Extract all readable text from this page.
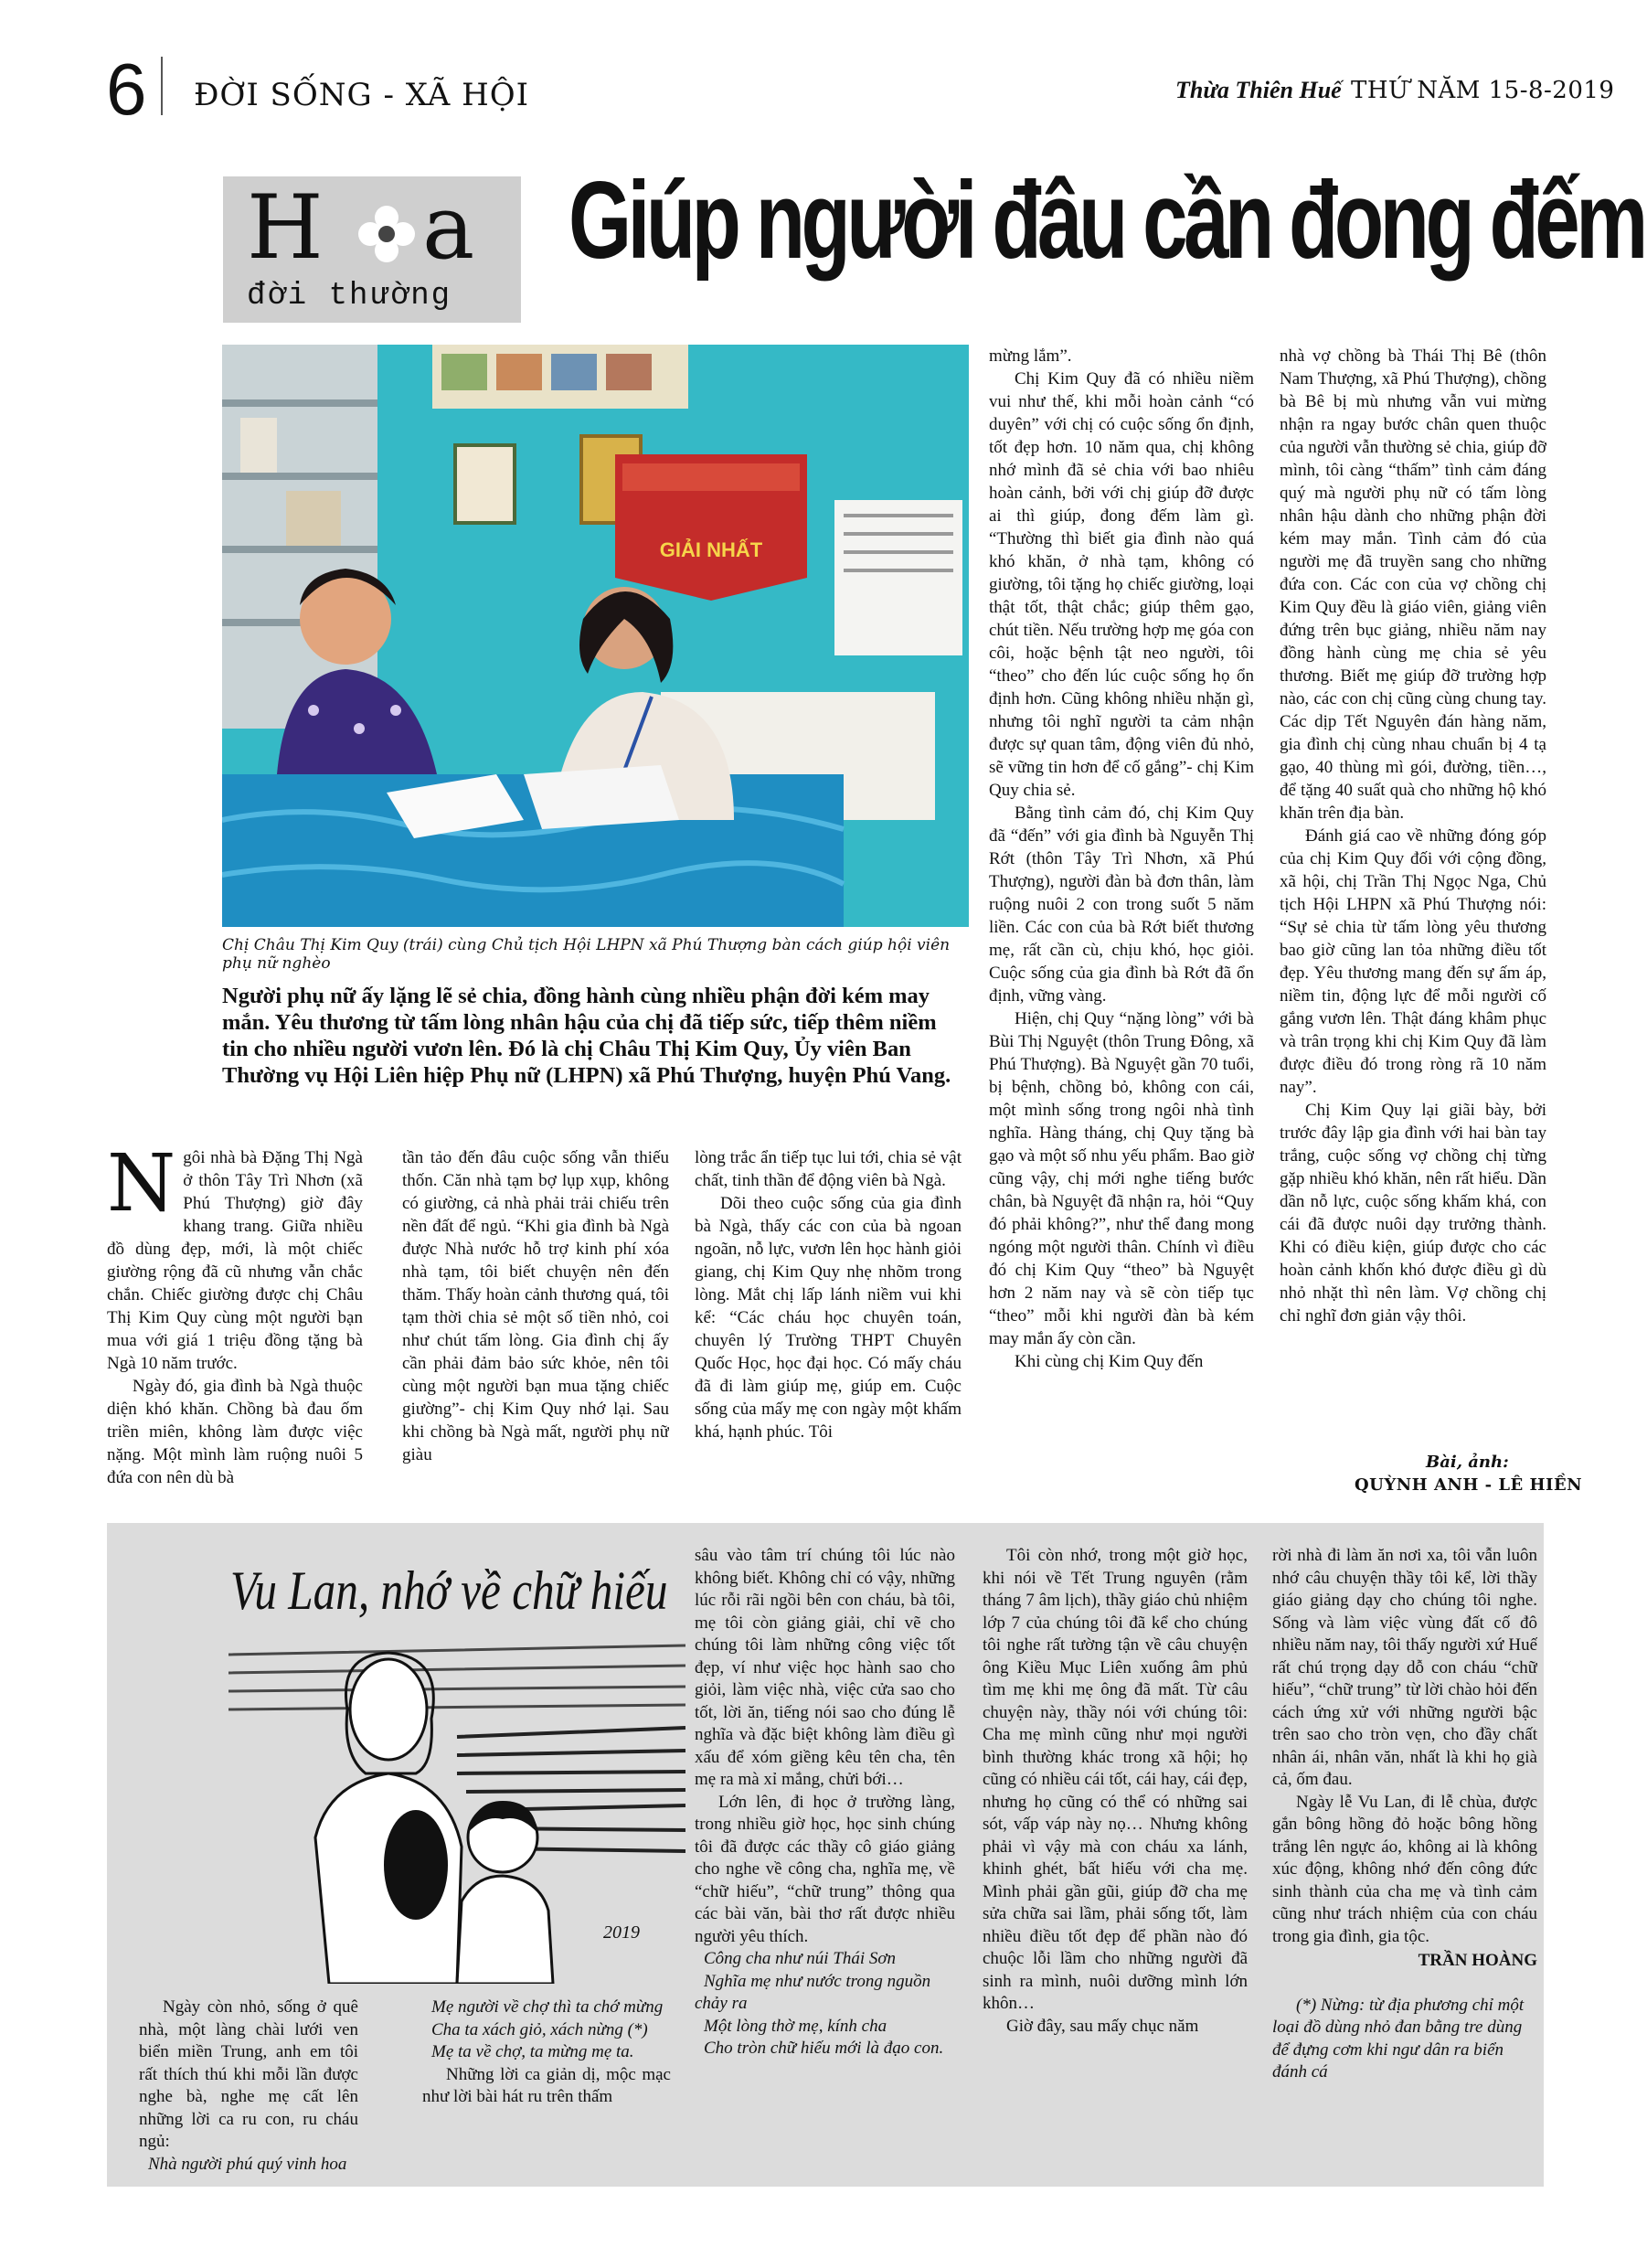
6 ĐỜI SỐNG - XÃ HỘI	Thừa Thiên Huế THỨ NĂM 15-8-2019
H a
đời thường
Giúp người đâu cần đong đếm
GIẢI NHẤT
Chị Châu Thị Kim Quy (trái) cùng Chủ tịch Hội LHPN xã Phú Thượng bàn cách giúp hội viên phụ nữ nghèo
Người phụ nữ ấy lặng lẽ sẻ chia, đồng hành cùng nhiều phận đời kém may mắn. Yêu thương từ tấm lòng nhân hậu của chị đã tiếp sức, tiếp thêm niềm tin cho nhiều người vươn lên. Đó là chị Châu Thị Kim Quy, Ủy viên Ban Thường vụ Hội Liên hiệp Phụ nữ (LHPN) xã Phú Thượng, huyện Phú Vang.
N gôi nhà bà Đặng Thị Ngà ở thôn Tây Trì Nhơn (xã Phú Thượng) giờ đây khang trang. Giữa nhiều đồ dùng đẹp, mới, là một chiếc giường rộng đã cũ nhưng vẫn chắc chắn. Chiếc giường được chị Châu Thị Kim Quy cùng một người bạn mua với giá 1 triệu đồng tặng bà Ngà 10 năm trước.

Ngày đó, gia đình bà Ngà thuộc diện khó khăn. Chồng bà đau ốm triền miên, không làm được việc nặng. Một mình làm ruộng nuôi 5 đứa con nên dù bà

tần tảo đến đâu cuộc sống vẫn thiếu thốn. Căn nhà tạm bợ lụp xụp, không có giường, cả nhà phải trải chiếu trên nền đất để ngủ. “Khi gia đình bà Ngà được Nhà nước hỗ trợ kinh phí xóa nhà tạm, tôi biết chuyện nên đến thăm. Thấy hoàn cảnh thương quá, tôi tạm thời chia sẻ một số tiền nhỏ, coi như chút tấm lòng. Gia đình chị ấy cần phải đảm bảo sức khỏe, nên tôi cùng một người bạn mua tặng chiếc giường”- chị Kim Quy nhớ lại. Sau khi chồng bà Ngà mất, người phụ nữ giàu

lòng trắc ẩn tiếp tục lui tới, chia sẻ vật chất, tinh thần để động viên bà Ngà.

Dõi theo cuộc sống của gia đình bà Ngà, thấy các con của bà ngoan ngoãn, nỗ lực, vươn lên học hành giỏi giang, chị Kim Quy nhẹ nhõm trong lòng. Mắt chị lấp lánh niềm vui khi kể: “Các cháu học chuyên toán, chuyên lý Trường THPT Chuyên Quốc Học, học đại học. Có mấy cháu đã đi làm giúp mẹ, giúp em. Cuộc sống của mấy mẹ con ngày một khấm khá, hạnh phúc. Tôi

mừng lắm”.

Chị Kim Quy đã có nhiều niềm vui như thế, khi mỗi hoàn cảnh “có duyên” với chị có cuộc sống ổn định, tốt đẹp hơn. 10 năm qua, chị không nhớ mình đã sẻ chia với bao nhiêu hoàn cảnh, bởi với chị giúp đỡ được ai thì giúp, đong đếm làm gì. “Thường thì biết gia đình nào quá khó khăn, ở nhà tạm, không có giường, tôi tặng họ chiếc giường, loại thật tốt, thật chắc; giúp thêm gạo, chút tiền. Nếu trường hợp mẹ góa con côi, hoặc bệnh tật neo người, tôi “theo” cho đến lúc cuộc sống họ ổn định hơn. Cũng không nhiều nhặn gì, nhưng tôi nghĩ người ta cảm nhận được sự quan tâm, động viên đủ nhỏ, sẽ vững tin hơn để cố gắng”- chị Kim Quy chia sẻ.

Bằng tình cảm đó, chị Kim Quy đã “đến” với gia đình bà Nguyễn Thị Rớt (thôn Tây Trì Nhơn, xã Phú Thượng), người đàn bà đơn thân, làm ruộng nuôi 2 con trong suốt 5 năm liền. Các con của bà Rớt biết thương mẹ, rất cần cù, chịu khó, học giỏi. Cuộc sống của gia đình bà Rớt đã ổn định, vững vàng.

Hiện, chị Quy “nặng lòng” với bà Bùi Thị Nguyệt (thôn Trung Đông, xã Phú Thượng). Bà Nguyệt gần 70 tuổi, bị bệnh, chồng bỏ, không con cái, một mình sống trong ngôi nhà tình nghĩa. Hàng tháng, chị Quy tặng bà gạo và một số nhu yếu phẩm. Bao giờ cũng vậy, chị mới nghe tiếng bước chân, bà Nguyệt đã nhận ra, hỏi “Quy đó phải không?”, như thể đang mong ngóng một người thân. Chính vì điều đó chị Kim Quy “theo” bà Nguyệt hơn 2 năm nay và sẽ còn tiếp tục “theo” mỗi khi người đàn bà kém may mắn ấy còn cần.

Khi cùng chị Kim Quy đến

nhà vợ chồng bà Thái Thị Bê (thôn Nam Thượng, xã Phú Thượng), chồng bà Bê bị mù nhưng vẫn vui mừng nhận ra ngay bước chân quen thuộc của người vẫn thường sẻ chia, giúp đỡ mình, tôi càng “thấm” tình cảm đáng quý mà người phụ nữ có tấm lòng nhân hậu dành cho những phận đời kém may mắn. Tình cảm đó của người mẹ đã truyền sang cho những đứa con. Các con của vợ chồng chị Kim Quy đều là giáo viên, giảng viên đứng trên bục giảng, nhiều năm nay đồng hành cùng mẹ chia sẻ yêu thương. Biết mẹ giúp đỡ trường hợp nào, các con chị cũng cùng chung tay. Các dịp Tết Nguyên đán hàng năm, gia đình chị cùng nhau chuẩn bị 4 tạ gạo, 40 thùng mì gói, đường, tiền…, để tặng 40 suất quà cho những hộ khó khăn trên địa bàn.

Đánh giá cao về những đóng góp của chị Kim Quy đối với cộng đồng, xã hội, chị Trần Thị Ngọc Nga, Chủ tịch Hội LHPN xã Phú Thượng nói: “Sự sẻ chia từ tấm lòng yêu thương bao giờ cũng lan tỏa những điều tốt đẹp. Yêu thương mang đến sự ấm áp, niềm tin, động lực để mỗi người cố gắng vươn lên. Thật đáng khâm phục và trân trọng khi chị Kim Quy đã làm được điều đó trong ròng rã 10 năm nay”.

Chị Kim Quy lại giãi bày, bởi trước đây lập gia đình với hai bàn tay trắng, cuộc sống vợ chồng chị từng gặp nhiều khó khăn, nên rất hiểu. Dần dần nỗ lực, cuộc sống khấm khá, con cái đã được nuôi dạy trưởng thành. Khi có điều kiện, giúp được cho các hoàn cảnh khốn khó được điều gì dù nhỏ nhặt thì nên làm. Vợ chồng chị chỉ nghĩ đơn giản vậy thôi.

Bài, ảnh:
QUỲNH ANH - LÊ HIỀN
Vu Lan, nhớ về chữ hiếu
2019

Ngày còn nhỏ, sống ở quê nhà, một làng chài lưới ven biển miền Trung, anh em tôi rất thích thú khi mỗi lần được nghe bà, nghe mẹ cất lên những lời ca ru con, ru cháu ngủ:

Nhà người phú quý vinh hoa

Mẹ người về chợ thì ta chớ mừng

Cha ta xách giỏ, xách nừng (*)

Mẹ ta về chợ, ta mừng mẹ ta.

Những lời ca giản dị, mộc mạc như lời bài hát ru trên thấm

sâu vào tâm trí chúng tôi lúc nào không biết. Không chỉ có vậy, những lúc rỗi rãi ngồi bên con cháu, bà tôi, mẹ tôi còn giảng giải, chỉ vẽ cho chúng tôi làm những công việc tốt đẹp, ví như việc học hành sao cho giỏi, làm việc nhà, việc cửa sao cho tốt, lời ăn, tiếng nói sao cho đúng lễ nghĩa và đặc biệt không làm điều gì xấu để xóm giềng kêu tên cha, tên mẹ ra mà xỉ mắng, chửi bới…

Lớn lên, đi học ở trường làng, trong nhiều giờ học, học sinh chúng tôi đã được các thầy cô giáo giảng cho nghe về công cha, nghĩa mẹ, về “chữ hiếu”, “chữ trung” thông qua các bài văn, bài thơ rất được nhiều người yêu thích.

Công cha như núi Thái Sơn

Nghĩa mẹ như nước trong nguồn chảy ra

Một lòng thờ mẹ, kính cha

Cho tròn chữ hiếu mới là đạo con.

Tôi còn nhớ, trong một giờ học, khi nói về Tết Trung nguyên (rằm tháng 7 âm lịch), thầy giáo chủ nhiệm lớp 7 của chúng tôi đã kể cho chúng tôi nghe rất tường tận về câu chuyện ông Kiều Mục Liên xuống âm phủ tìm mẹ khi mẹ ông đã mất. Từ câu chuyện này, thầy nói với chúng tôi: Cha mẹ mình cũng như mọi người bình thường khác trong xã hội; họ cũng có nhiều cái tốt, cái hay, cái đẹp, nhưng họ cũng có thể có những sai sót, vấp váp này nọ… Nhưng không phải vì vậy mà con cháu xa lánh, khinh ghét, bất hiếu với cha mẹ. Mình phải gần gũi, giúp đỡ cha mẹ sửa chữa sai lầm, phải sống tốt, làm nhiều điều tốt đẹp để phần nào đó chuộc lỗi lầm cho những người đã sinh ra mình, nuôi dưỡng mình lớn khôn…

Giờ đây, sau mấy chục năm

rời nhà đi làm ăn nơi xa, tôi vẫn luôn nhớ câu chuyện thầy tôi kể, lời thầy giáo giảng dạy cho chúng tôi nghe. Sống và làm việc vùng đất cố đô nhiều năm nay, tôi thấy người xứ Huế rất chú trọng dạy dỗ con cháu “chữ hiếu”, “chữ trung” từ lời chào hỏi đến cách ứng xử với những người bậc trên sao cho tròn vẹn, cho đầy chất nhân ái, nhân văn, nhất là khi họ già cả, ốm đau.

Ngày lễ Vu Lan, đi lễ chùa, được gắn bông hồng đỏ hoặc bông hồng trắng lên ngực áo, không ai là không xúc động, không nhớ đến công đức sinh thành của cha mẹ và tình cảm cũng như trách nhiệm của con cháu trong gia đình, gia tộc.

TRẦN HOÀNG

(*) Nừng: từ địa phương chỉ một loại đồ dùng nhỏ đan bằng tre dùng để đựng cơm khi ngư dân ra biển đánh cá
